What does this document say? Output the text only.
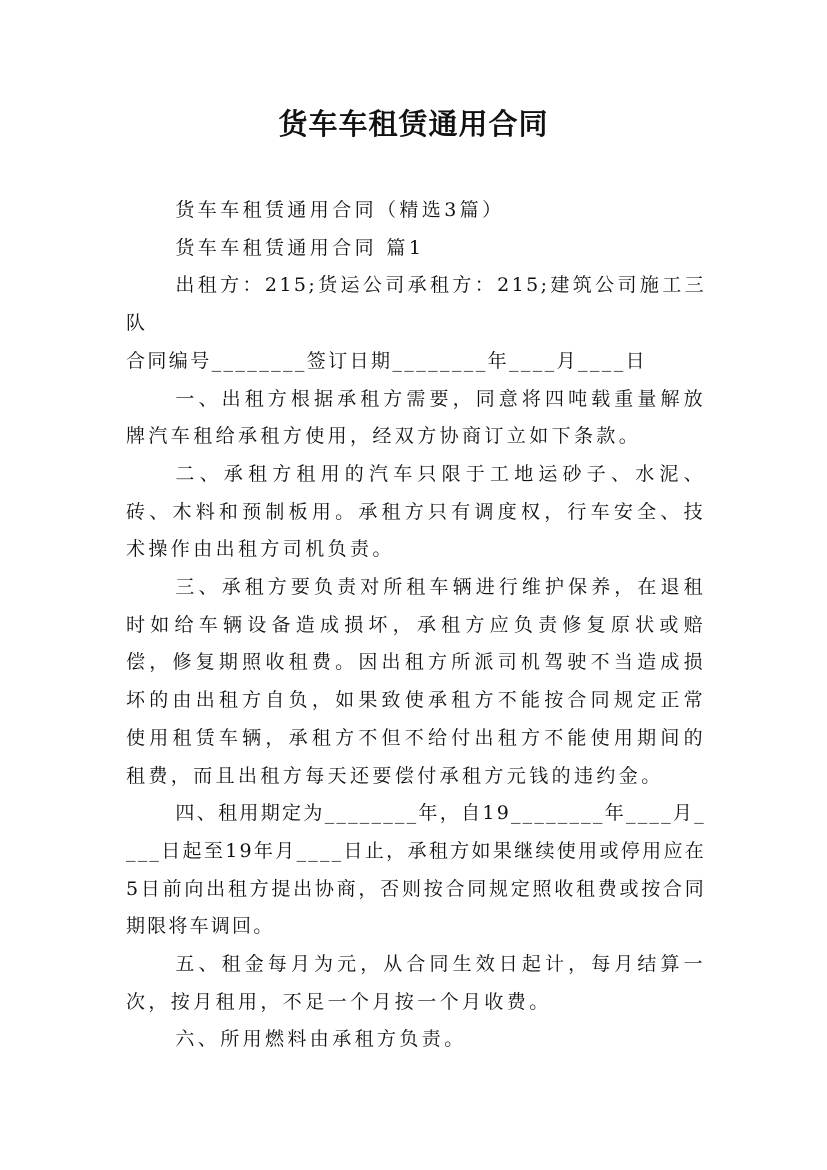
货车车租赁通用合同

货车车租赁通用合同（精选3篇）

货车车租赁通用合同 篇1

出租方：215;货运公司承租方：215;建筑公司施工三队

合同编号________签订日期________年____月____日

一、出租方根据承租方需要，同意将四吨载重量解放牌汽车租给承租方使用，经双方协商订立如下条款。

二、承租方租用的汽车只限于工地运砂子、水泥、砖、木料和预制板用。承租方只有调度权，行车安全、技术操作由出租方司机负责。

三、承租方要负责对所租车辆进行维护保养，在退租时如给车辆设备造成损坏，承租方应负责修复原状或赔偿，修复期照收租费。因出租方所派司机驾驶不当造成损坏的由出租方自负，如果致使承租方不能按合同规定正常使用租赁车辆，承租方不但不给付出租方不能使用期间的租费，而且出租方每天还要偿付承租方元钱的违约金。

四、租用期定为________年，自19________年____月____日起至19年月____日止，承租方如果继续使用或停用应在5日前向出租方提出协商，否则按合同规定照收租费或按合同期限将车调回。

五、租金每月为元，从合同生效日起计，每月结算一次，按月租用，不足一个月按一个月收费。

六、所用燃料由承租方负责。
